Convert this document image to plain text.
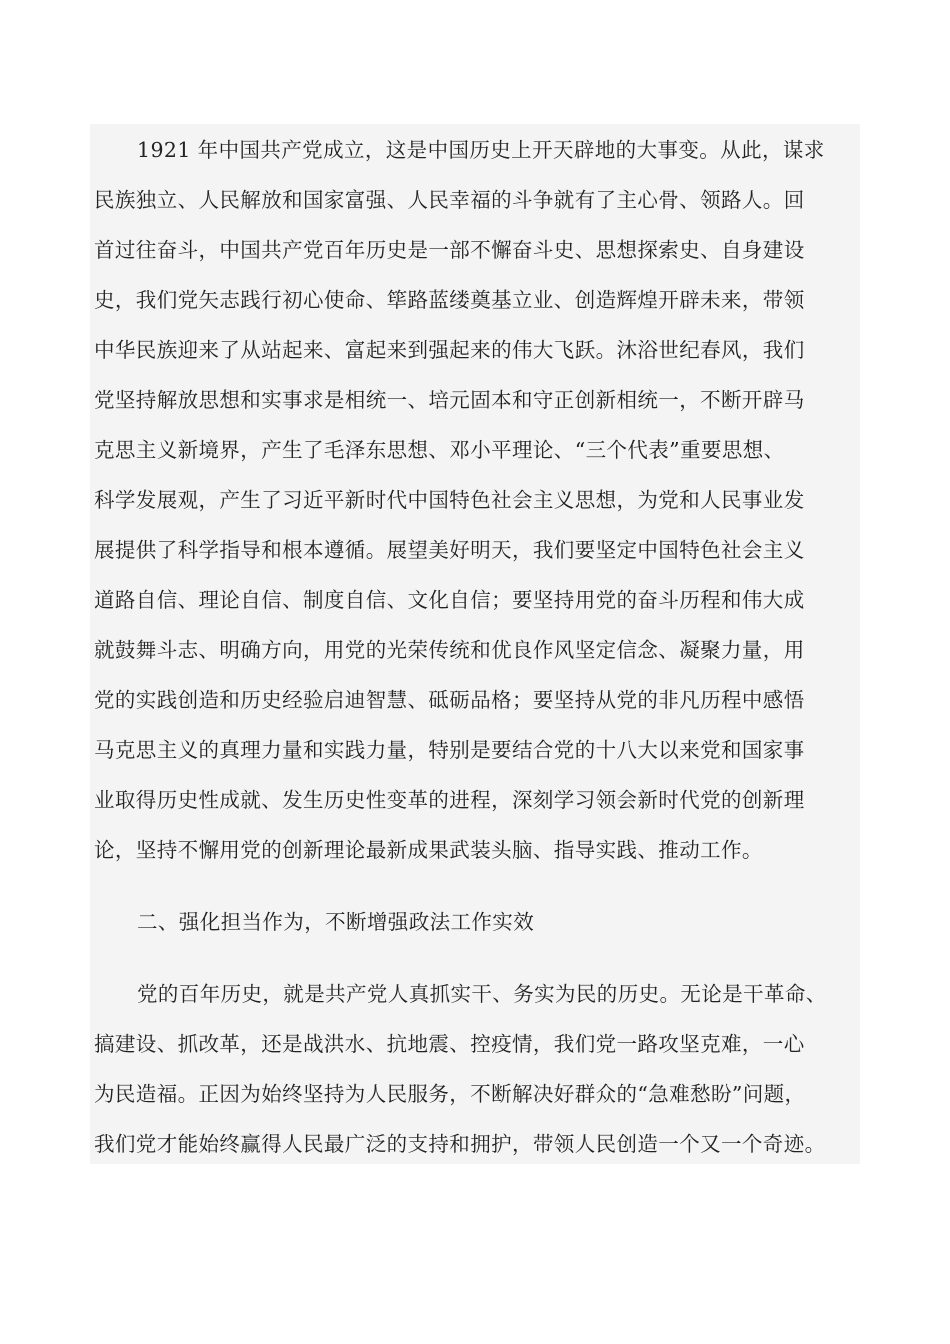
1921 年中国共产党成立，这是中国历史上开天辟地的大事变。从此，谋求
民族独立、人民解放和国家富强、人民幸福的斗争就有了主心骨、领路人。回
首过往奋斗，中国共产党百年历史是一部不懈奋斗史、思想探索史、自身建设
史，我们党矢志践行初心使命、筚路蓝缕奠基立业、创造辉煌开辟未来，带领
中华民族迎来了从站起来、富起来到强起来的伟大飞跃。沐浴世纪春风，我们
党坚持解放思想和实事求是相统一、培元固本和守正创新相统一，不断开辟马
克思主义新境界，产生了毛泽东思想、邓小平理论、“三个代表”重要思想、
科学发展观，产生了习近平新时代中国特色社会主义思想，为党和人民事业发
展提供了科学指导和根本遵循。展望美好明天，我们要坚定中国特色社会主义
道路自信、理论自信、制度自信、文化自信；要坚持用党的奋斗历程和伟大成
就鼓舞斗志、明确方向，用党的光荣传统和优良作风坚定信念、凝聚力量，用
党的实践创造和历史经验启迪智慧、砥砺品格；要坚持从党的非凡历程中感悟
马克思主义的真理力量和实践力量，特别是要结合党的十八大以来党和国家事
业取得历史性成就、发生历史性变革的进程，深刻学习领会新时代党的创新理
论，坚持不懈用党的创新理论最新成果武装头脑、指导实践、推动工作。
二、强化担当作为，不断增强政法工作实效
党的百年历史，就是共产党人真抓实干、务实为民的历史。无论是干革命、
搞建设、抓改革，还是战洪水、抗地震、控疫情，我们党一路攻坚克难，一心
为民造福。正因为始终坚持为人民服务，不断解决好群众的“急难愁盼”问题，
我们党才能始终赢得人民最广泛的支持和拥护，带领人民创造一个又一个奇迹。
